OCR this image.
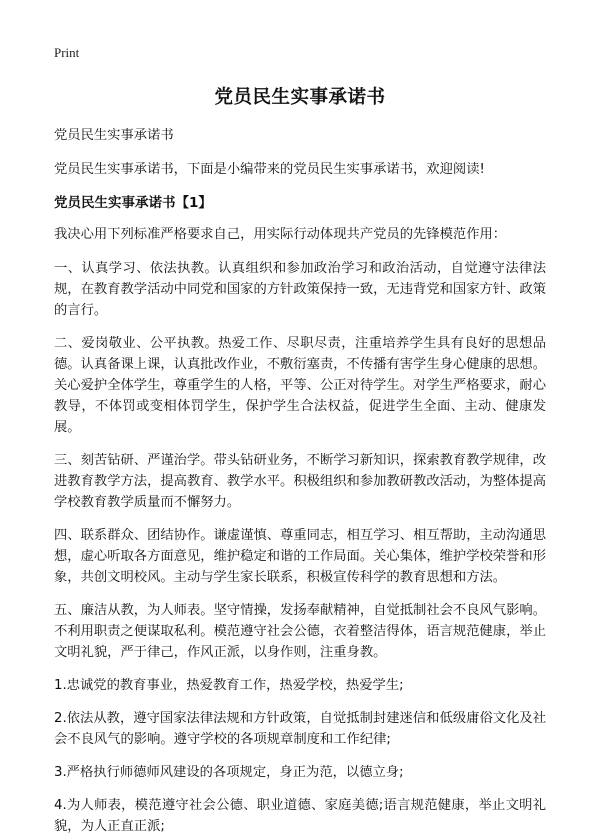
Print
党员民生实事承诺书

党员民生实事承诺书

党员民生实事承诺书，下面是小编带来的党员民生实事承诺书，欢迎阅读!

党员民生实事承诺书【1】

我决心用下列标准严格要求自己，用实际行动体现共产党员的先锋模范作用：

一、认真学习、依法执教。认真组织和参加政治学习和政治活动，自觉遵守法律法规，在教育教学活动中同党和国家的方针政策保持一致，无违背党和国家方针、政策的言行。

二、爱岗敬业、公平执教。热爱工作、尽职尽责，注重培养学生具有良好的思想品德。认真备课上课，认真批改作业，不敷衍塞责，不传播有害学生身心健康的思想。关心爱护全体学生，尊重学生的人格，平等、公正对待学生。对学生严格要求，耐心教导，不体罚或变相体罚学生，保护学生合法权益，促进学生全面、主动、健康发展。

三、刻苦钻研、严谨治学。带头钻研业务，不断学习新知识，探索教育教学规律，改进教育教学方法，提高教育、教学水平。积极组织和参加教研教改活动，为整体提高学校教育教学质量而不懈努力。

四、联系群众、团结协作。谦虚谨慎、尊重同志，相互学习、相互帮助，主动沟通思想，虚心听取各方面意见，维护稳定和谐的工作局面。关心集体，维护学校荣誉和形象，共创文明校风。主动与学生家长联系，积极宣传科学的教育思想和方法。

五、廉洁从教，为人师表。坚守情操，发扬奉献精神，自觉抵制社会不良风气影响。不利用职责之便谋取私利。模范遵守社会公德，衣着整洁得体，语言规范健康，举止文明礼貌，严于律己，作风正派，以身作则，注重身教。

1.忠诚党的教育事业，热爱教育工作，热爱学校，热爱学生;

2.依法从教，遵守国家法律法规和方针政策，自觉抵制封建迷信和低级庸俗文化及社会不良风气的影响。遵守学校的各项规章制度和工作纪律;

3.严格执行师德师风建设的各项规定，身正为范，以德立身;

4.为人师表，模范遵守社会公德、职业道德、家庭美德;语言规范健康，举止文明礼貌，为人正直正派;
